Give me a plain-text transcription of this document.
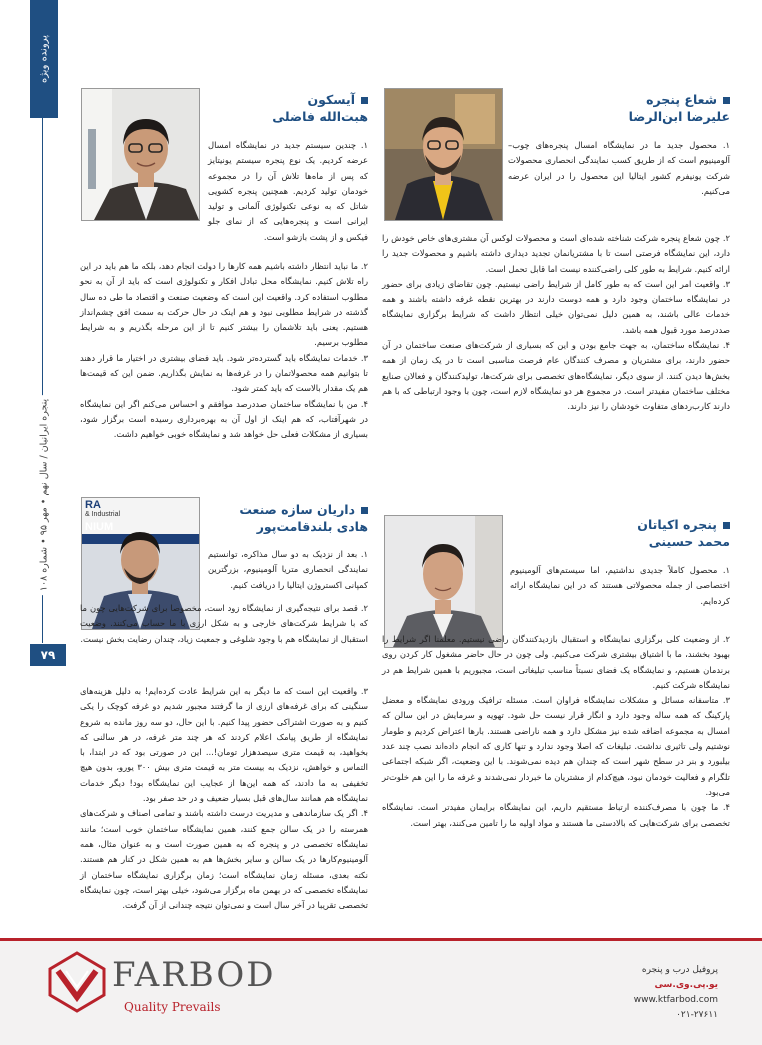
پرونده ویژه
پنجره ایرانیان / سال نهم • مهر ۹۵ • شماره ۱۰۸
۷۹
شعاع پنجره
علیرضا ابن‌الرضا

۱. محصول جدید ما در نمایشگاه امسال پنجره‌های چوب–آلومینیوم است که از طریق کسب نمایندگی انحصاری محصولات شرکت یونیفرم کشور ایتالیا این محصول را در ایران عرضه می‌کنیم.

۲. چون شعاع پنجره شرکت شناخته شده‌ای است و محصولات لوکس آن مشتری‌های خاص خودش را دارد، این نمایشگاه فرصتی است تا با مشتریانمان تجدید دیداری داشته باشیم و محصولات جدید را ارائه کنیم. شرایط به طور کلی راضی‌کننده نیست اما قابل تحمل است.

۳. واقعیت امر این است که به طور کامل از شرایط راضی نیستیم. چون تقاضای زیادی برای حضور در نمایشگاه ساختمان وجود دارد و همه دوست دارند در بهترین نقطه غرفه داشته باشند و همه خدمات عالی باشند، به همین دلیل نمی‌توان خیلی انتظار داشت که شرایط برگزاری نمایشگاه صددرصد مورد قبول همه باشد.

۴. نمایشگاه ساختمان، به جهت جامع بودن و این که بسیاری از شرکت‌های صنعت ساختمان در آن حضور دارند، برای مشتریان و مصرف کنندگان عام فرصت مناسبی است تا در یک زمان از همه بخش‌ها دیدن کنند. از سوی دیگر، نمایشگاه‌های تخصصی برای شرکت‌ها، تولیدکنندگان و فعالان صنایع مختلف ساختمان مفیدتر است. در مجموع هر دو نمایشگاه لازم است، چون با وجود ارتباطی که با هم دارند کارب‌ردهای متفاوت خودشان را نیز دارند.

آیسکون
هبت‌الله فاضلی

۱. چندین سیستم جدید در نمایشگاه امسال عرضه کردیم. یک نوع پنجره سیستم یونیتایز که پس از ماه‌ها تلاش آن را در مجموعه خودمان تولید کردیم. همچنین پنجره کشویی شاتل که به نوعی تکنولوژی آلمانی و تولید ایرانی است و پنجره‌هایی که از نمای جلو فیکس و از پشت بازشو است.

۲. ما نباید انتظار داشته باشیم همه کارها را دولت انجام دهد، بلکه ما هم باید در این راه تلاش کنیم. نمایشگاه محل تبادل افکار و تکنولوژی است که باید از آن به نحو مطلوب استفاده کرد. واقعیت این است که وضعیت صنعت و اقتصاد ما طی ده سال گذشته در شرایط مطلوبی نبود و هم اینک در حال حرکت به سمت افق چشم‌انداز هستیم. یعنی باید تلاشمان را بیشتر کنیم تا از این مرحله بگذریم و به شرایط مطلوب برسیم.

۳. خدمات نمایشگاه باید گسترده‌تر شود. باید فضای بیشتری در اختیار ما قرار دهند تا بتوانیم همه محصولاتمان را در غرفه‌ها به نمایش بگذاریم. ضمن این که قیمت‌ها هم یک مقدار بالاست که باید کمتر شود.

۴. من با نمایشگاه ساختمان صددرصد موافقم و احساس می‌کنم اگر این نمایشگاه در شهرآفتاب، که هم اینک از اول آن به بهره‌برداری رسیده است برگزار شود، بسیاری از مشکلات فعلی حل خواهد شد و نمایشگاه خوبی خواهیم داشت.

پنجره اکیاتان
محمد حسینی

۱. محصول کاملاً جدیدی نداشتیم، اما سیستم‌های آلومینیوم اختصاصی از جمله محصولاتی هستند که در این نمایشگاه ارائه کرده‌ایم.

۲. از وضعیت کلی برگزاری نمایشگاه و استقبال بازدیدکنندگان راضی نیستیم. معلمنا اگر شرایط را بهبود بخشند، ما با اشتیاق بیشتری شرکت می‌کنیم. ولی چون در حال حاضر مشغول کار کردن روی برندمان هستیم، و نمایشگاه یک فضای نسبتاً مناسب تبلیغاتی است، مجبوریم با همین شرایط هم در نمایشگاه شرکت کنیم.

۳. متاسفانه مسائل و مشکلات نمایشگاه فراوان است. مسئله ترافیک ورودی نمایشگاه و معضل پارکینگ که همه ساله وجود دارد و انگار قرار نیست حل شود. تهویه و سرمایش در این سالن که امسال به مجموعه اضافه شده نیز مشکل دارد و همه ناراضی هستند. بارها اعتراض کردیم و طومار نوشتیم ولی تاثیری نداشت. تبلیغات که اصلا وجود ندارد و تنها کاری که انجام داده‌اند نصب چند عدد بیلبورد و بنر در سطح شهر است که چندان هم دیده نمی‌شوند. با این وضعیت، اگر شبکه اجتماعی تلگرام و فعالیت خودمان نبود، هیچ‌کدام از مشتریان ما خبردار نمی‌شدند و غرفه ما را این هم خلوت‌تر می‌بود.

۴. ما چون با مصرف‌کننده ارتباط مستقیم داریم، این نمایشگاه برایمان مفیدتر است. نمایشگاه تخصصی برای شرکت‌هایی که بالادستی ما هستند و مواد اولیه ما را تامین می‌کنند، بهتر است.

RA
& Industrial
NIUM
داریان سازه صنعت
هادی بلندقامت‌پور

۱. بعد از نزدیک به دو سال مذاکره، توانستیم نمایندگی انحصاری متریا آلومینیوم، بزرگترین کمپانی اکستروژن ایتالیا را دریافت کنیم.

۲. قصد برای نتیجه‌گیری از نمایشگاه زود است، مخصوصا برای شرکت‌هایی چون ما که با شرایط شرکت‌های خارجی و به شکل ارزی با ما حساب می‌کنند. وضعیت استقبال از نمایشگاه هم با وجود شلوغی و جمعیت زیاد، چندان رضایت بخش نیست.

۳. واقعیت این است که ما دیگر به این شرایط عادت کرده‌ایم! به دلیل هزینه‌های سنگینی که برای غرفه‌های ارزی از ما گرفتند مجبور شدیم دو غرفه کوچک را یکی کنیم و به صورت اشتراکی حضور پیدا کنیم. با این حال، دو سه روز مانده به شروع نمایشگاه از طریق پیامک اعلام کردند که هر چند متر غرفه، در هر سالنی که بخواهید، به قیمت متری سیصدهزار تومان!... این در صورتی بود که در ابتدا، با التماس و خواهش، نزدیک به بیست متر به قیمت متری بیش ۳۰۰ یورو، بدون هیچ تخفیفی به ما دادند، که همه این‌ها از عجایب این نمایشگاه بود! دیگر خدمات نمایشگاه هم همانند سال‌های قبل بسیار ضعیف و در حد صفر بود.

۴. اگر یک سازماندهی و مدیریت درست داشته باشند و تمامی اصناف و شرکت‌های همرسته را در یک سالن جمع کنند، همین نمایشگاه ساختمان خوب است؛ مانند نمایشگاه تخصصی در و پنجره که به همین صورت است و به عنوان مثال، همه آلومینیوم‌کارها در یک سالن و سایر بخش‌ها هم به همین شکل در کنار هم هستند. نکته بعدی، مسئله زمان نمایشگاه است؛ زمان برگزاری نمایشگاه ساختمان از نمایشگاه تخصصی که در بهمن ماه برگزار می‌شود، خیلی بهتر است، چون نمایشگاه تخصصی تقریبا در آخر سال است و نمی‌توان نتیجه چندانی از آن گرفت.

FARBOD
Quality Prevails
پروفیل درب و پنجره
یو.پی.وی.سی
www.ktfarbod.com
۰۲۱-۲۷۶۱۱
